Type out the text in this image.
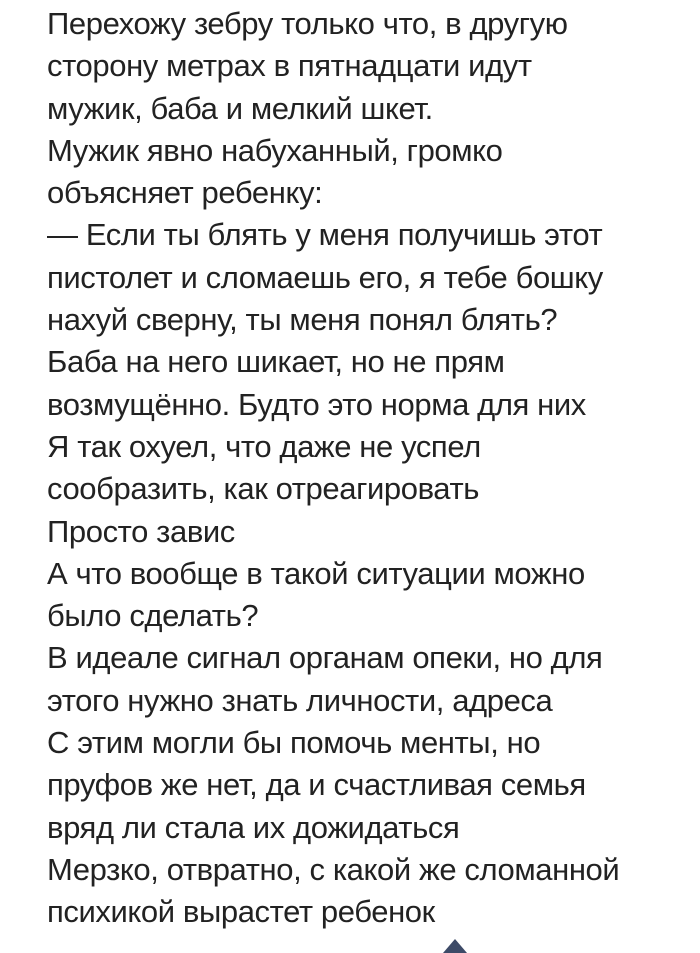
Перехожу зебру только что, в другую

сторону метрах в пятнадцати идут

мужик, баба и мелкий шкет.

Мужик явно набуханный, громко

объясняет ребенку:

— Если ты блять у меня получишь этот

пистолет и сломаешь его, я тебе бошку

нахуй сверну, ты меня понял блять?

Баба на него шикает, но не прям

возмущённо. Будто это норма для них

Я так охуел, что даже не успел

сообразить, как отреагировать

Просто завис

А что вообще в такой ситуации можно

было сделать?

В идеале сигнал органам опеки, но для

этого нужно знать личности, адреса

С этим могли бы помочь менты, но

пруфов же нет, да и счастливая семья

вряд ли стала их дожидаться

Мерзко, отвратно, с какой же сломанной

психикой вырастет ребенок
